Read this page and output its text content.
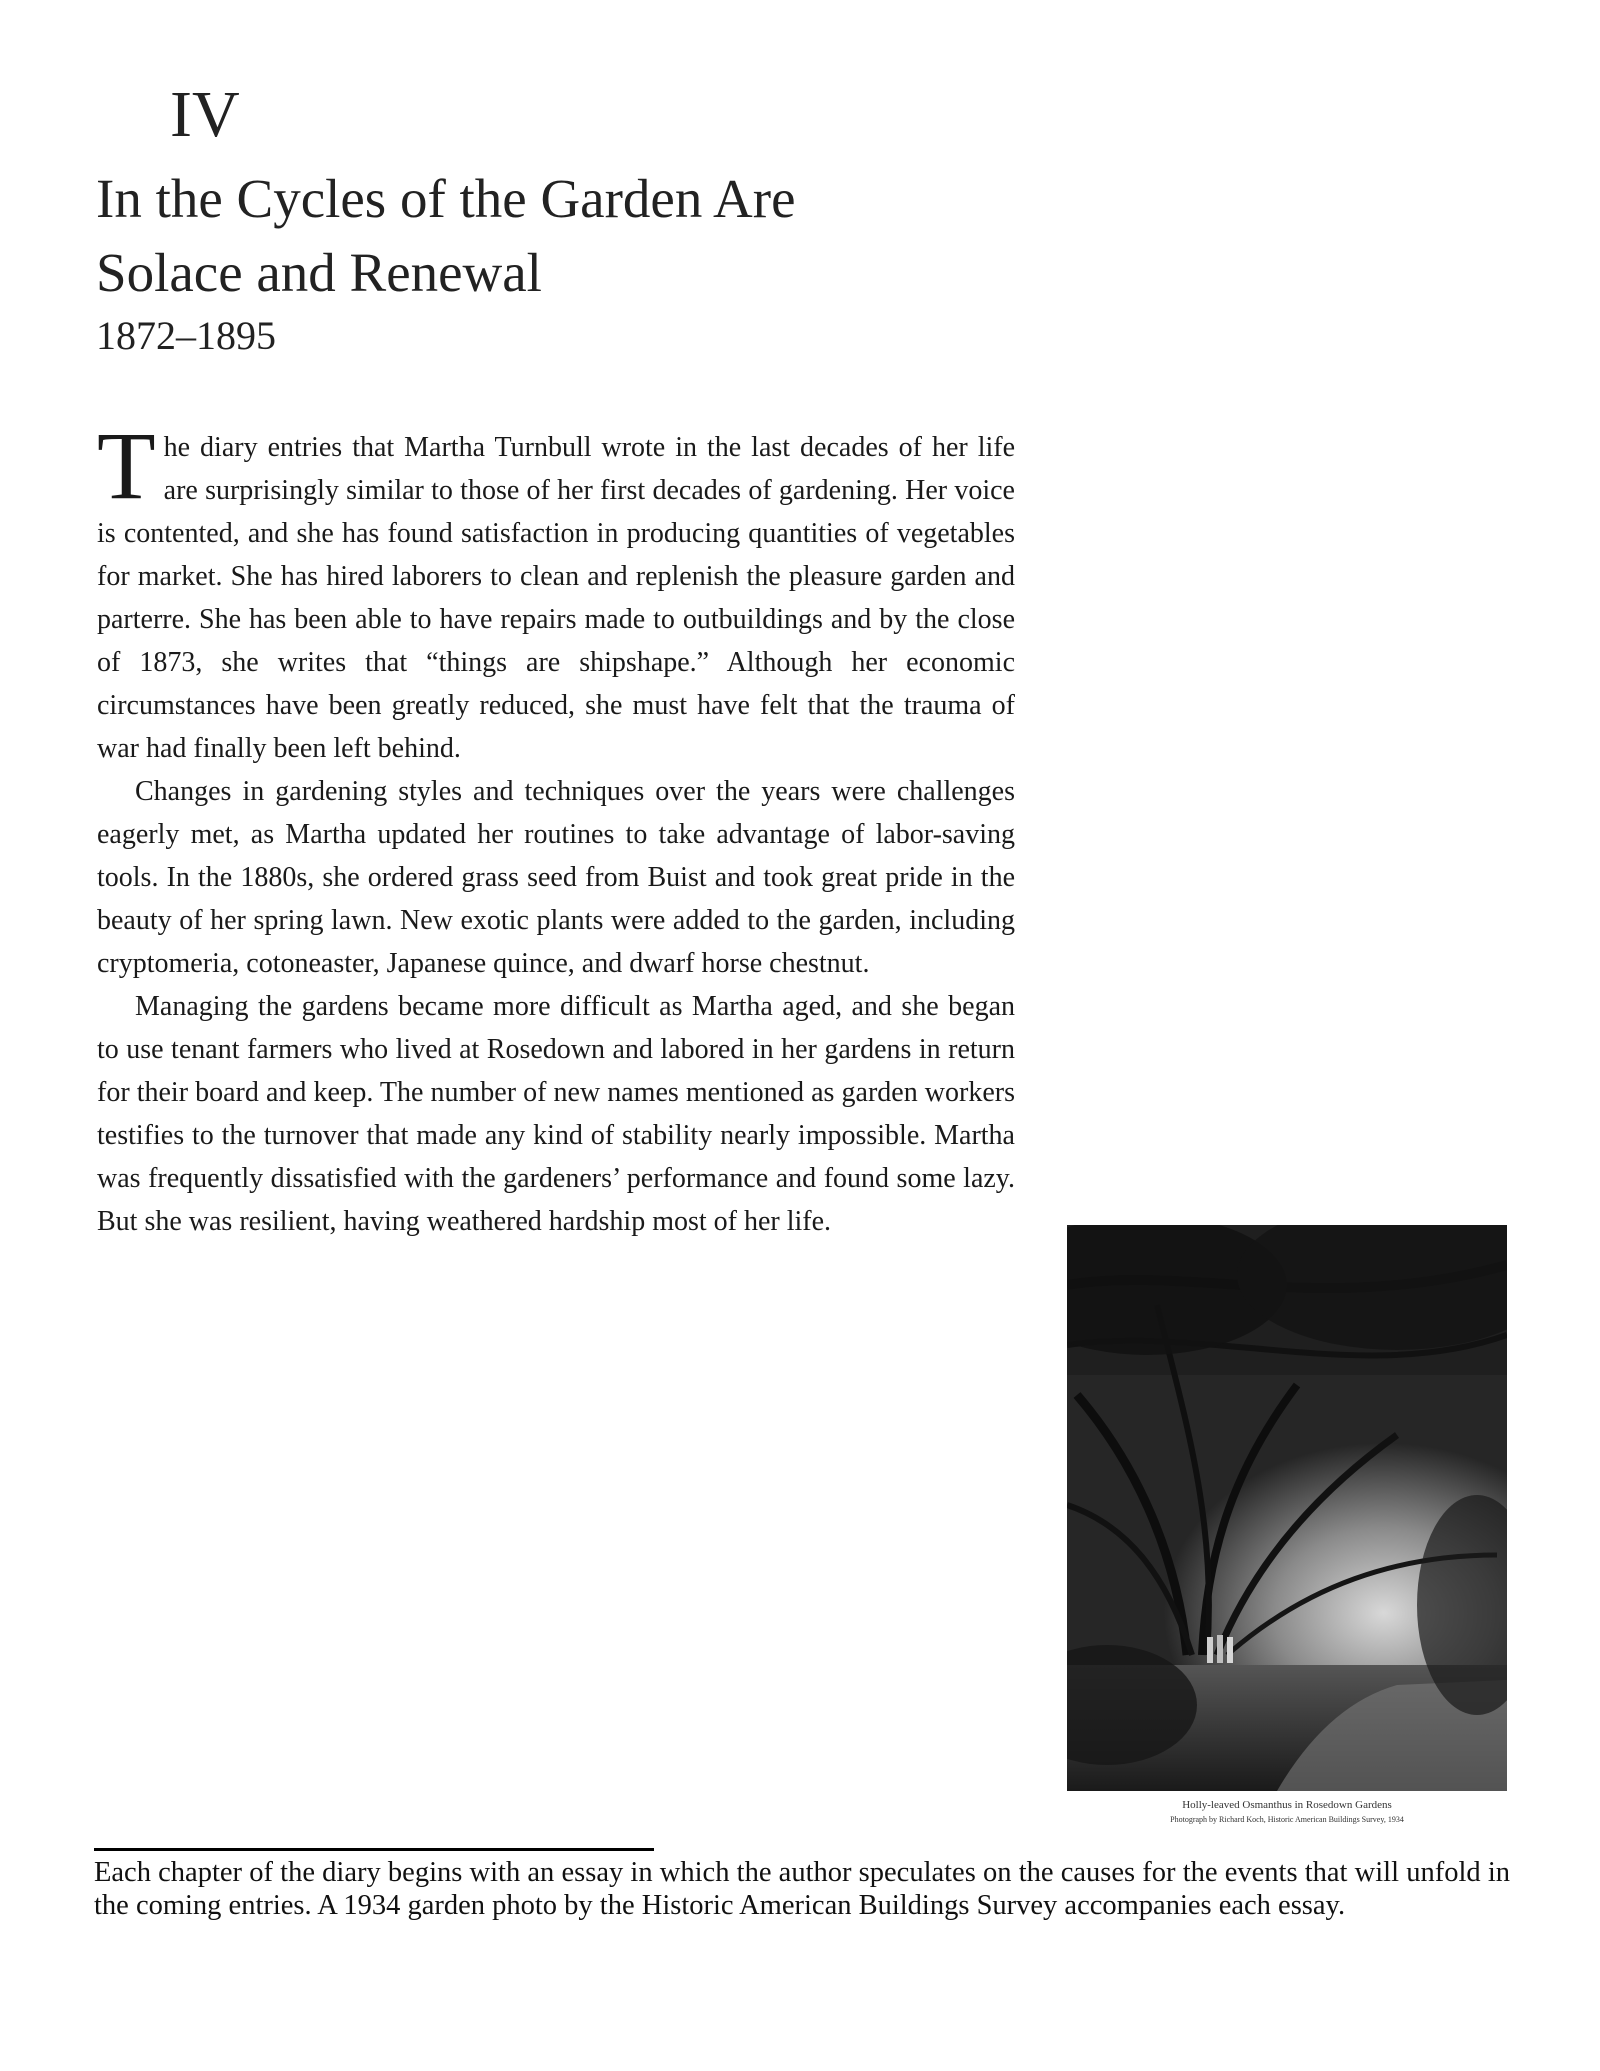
IV
In the Cycles of the Garden Are
Solace and Renewal
1872–1895

The diary entries that Martha Turnbull wrote in the last decades of her life are surprisingly similar to those of her first decades of gardening. Her voice is contented, and she has found satisfaction in producing quantities of vegetables for market. She has hired laborers to clean and replenish the pleasure garden and parterre. She has been able to have repairs made to outbuildings and by the close of 1873, she writes that “things are shipshape.” Although her economic circumstances have been greatly reduced, she must have felt that the trauma of war had finally been left behind.

Changes in gardening styles and techniques over the years were challenges eagerly met, as Martha updated her routines to take advantage of labor-saving tools. In the 1880s, she ordered grass seed from Buist and took great pride in the beauty of her spring lawn. New exotic plants were added to the garden, including cryptomeria, cotoneaster, Japanese quince, and dwarf horse chestnut.

Managing the gardens became more difficult as Martha aged, and she began to use tenant farmers who lived at Rosedown and labored in her gardens in return for their board and keep. The number of new names mentioned as garden workers testifies to the turnover that made any kind of stability nearly impossible. Martha was frequently dissatisfied with the gardeners’ performance and found some lazy. But she was resilient, having weathered hardship most of her life.

Holly-leaved Osmanthus in Rosedown Gardens
Photograph by Richard Koch, Historic American Buildings Survey, 1934
Each chapter of the diary begins with an essay in which the author speculates on the causes for the events that will unfold in the coming entries. A 1934 garden photo by the Historic American Buildings Survey accompanies each essay.
